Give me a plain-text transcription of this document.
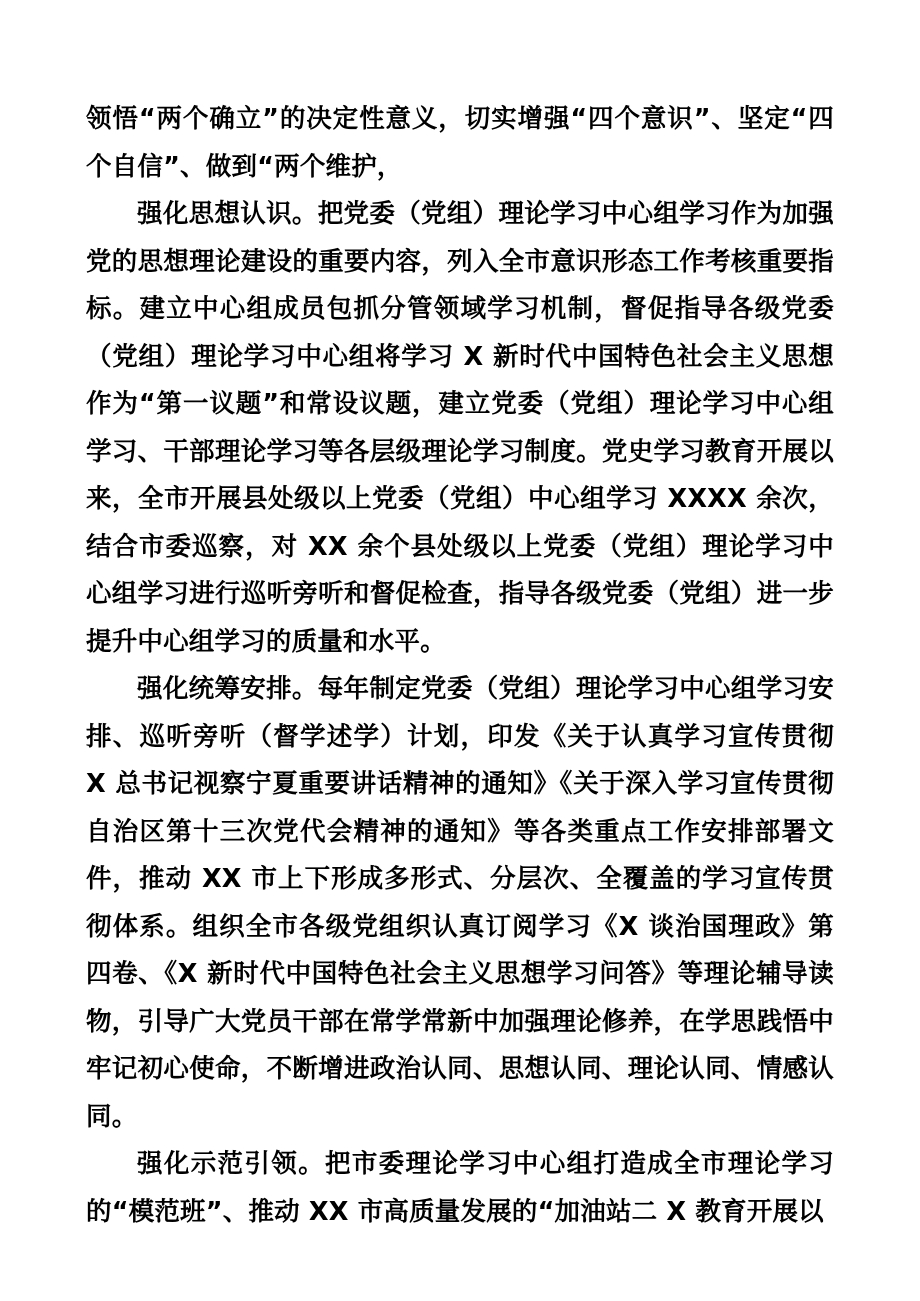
领悟“两个确立”的决定性意义，切实增强“四个意识”、坚定“四个自信”、做到“两个维护，

强化思想认识。把党委（党组）理论学习中心组学习作为加强党的思想理论建设的重要内容，列入全市意识形态工作考核重要指标。建立中心组成员包抓分管领域学习机制，督促指导各级党委（党组）理论学习中心组将学习 X 新时代中国特色社会主义思想作为“第一议题”和常设议题，建立党委（党组）理论学习中心组学习、干部理论学习等各层级理论学习制度。党史学习教育开展以来，全市开展县处级以上党委（党组）中心组学习 XXXX 余次，结合市委巡察，对 XX 余个县处级以上党委（党组）理论学习中心组学习进行巡听旁听和督促检查，指导各级党委（党组）进一步提升中心组学习的质量和水平。

强化统筹安排。每年制定党委（党组）理论学习中心组学习安排、巡听旁听（督学述学）计划，印发《关于认真学习宣传贯彻 X 总书记视察宁夏重要讲话精神的通知》《关于深入学习宣传贯彻自治区第十三次党代会精神的通知》等各类重点工作安排部署文件，推动 XX 市上下形成多形式、分层次、全覆盖的学习宣传贯彻体系。组织全市各级党组织认真订阅学习《X 谈治国理政》第四卷、《X 新时代中国特色社会主义思想学习问答》等理论辅导读物，引导广大党员干部在常学常新中加强理论修养，在学思践悟中牢记初心使命，不断增进政治认同、思想认同、理论认同、情感认同。

强化示范引领。把市委理论学习中心组打造成全市理论学习的“模范班”、推动 XX 市高质量发展的“加油站二 X 教育开展以
